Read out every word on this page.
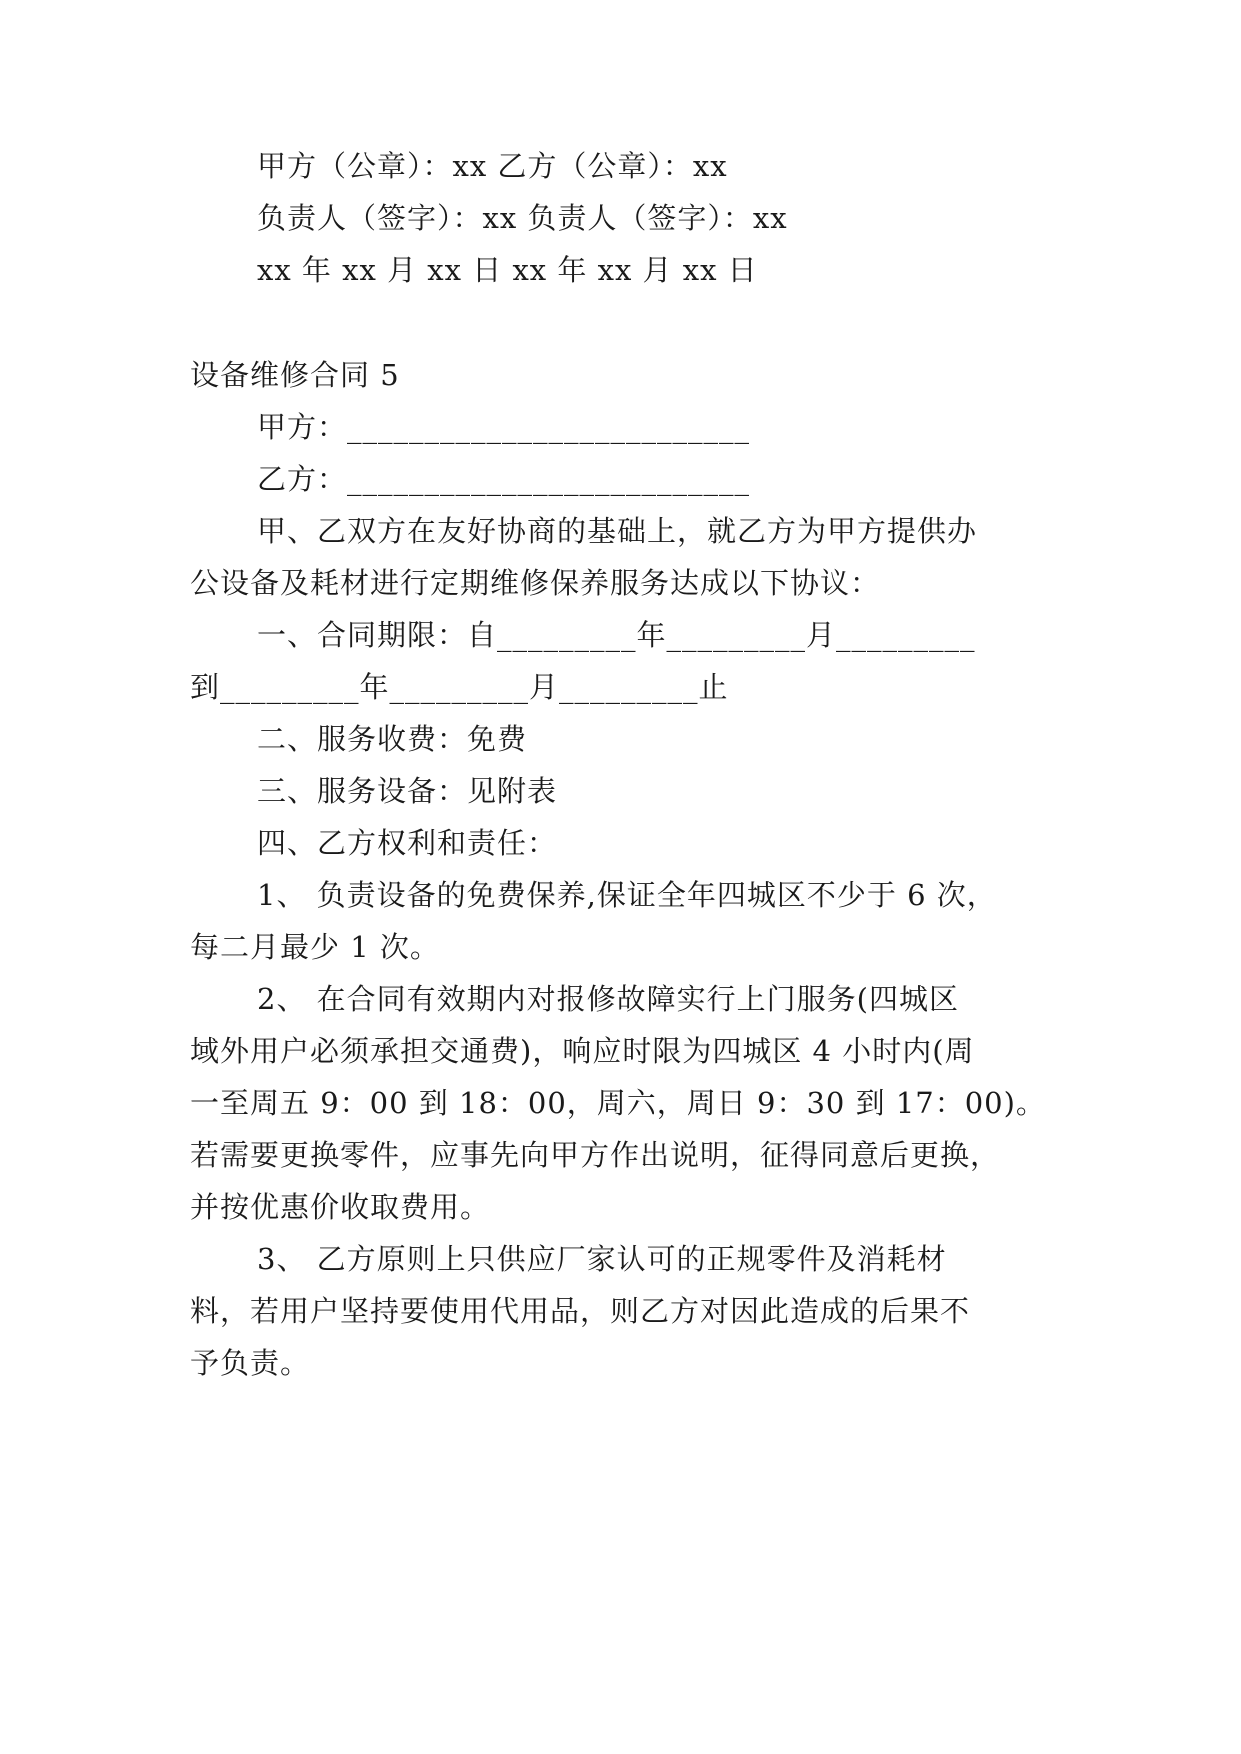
甲方（公章）：xx 乙方（公章）：xx
负责人（签字）：xx 负责人（签字）：xx
xx 年 xx 月 xx 日 xx 年 xx 月 xx 日
设备维修合同 5
甲方：__________________________
乙方：__________________________
甲、乙双方在友好协商的基础上，就乙方为甲方提供办
公设备及耗材进行定期维修保养服务达成以下协议：
一、合同期限：自_________年_________月_________
到_________年_________月_________止
二、服务收费：免费
三、服务设备：见附表
四、乙方权利和责任：
1、 负责设备的免费保养,保证全年四城区不少于 6 次，
每二月最少 1 次。
2、 在合同有效期内对报修故障实行上门服务(四城区
域外用户必须承担交通费)，响应时限为四城区 4 小时内(周
一至周五 9：00 到 18：00，周六，周日 9：30 到 17：00)。
若需要更换零件，应事先向甲方作出说明，征得同意后更换，
并按优惠价收取费用。
3、 乙方原则上只供应厂家认可的正规零件及消耗材
料，若用户坚持要使用代用品，则乙方对因此造成的后果不
予负责。
